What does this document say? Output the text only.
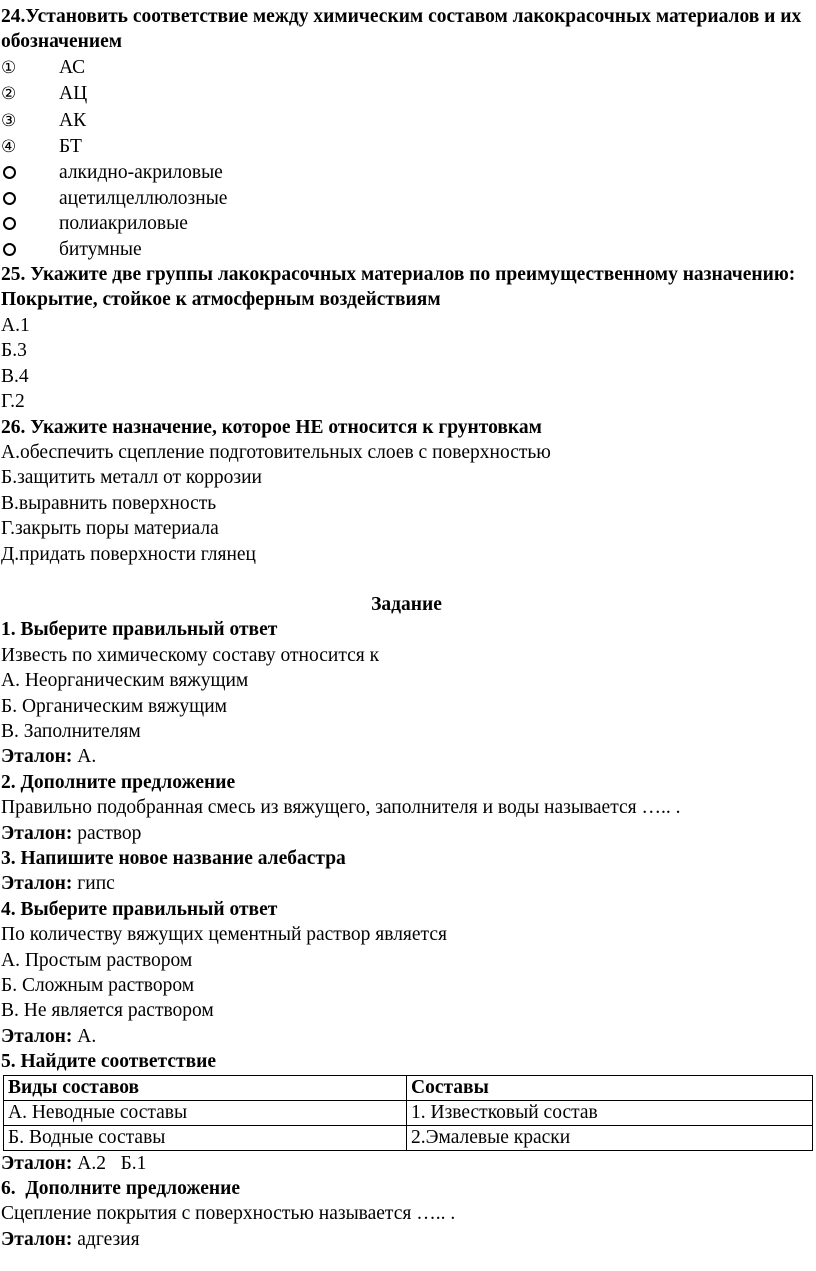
24.Установить соответствие между химическим составом лакокрасочных материалов и их обозначением
①	АС
②	АЦ
③	АК
④	БТ
алкидно-акриловые
ацетилцеллюлозные
полиакриловые
битумные
25. Укажите две группы лакокрасочных материалов по преимущественному назначению:
Покрытие, стойкое к атмосферным воздействиям
А.1
Б.3
В.4
Г.2
26. Укажите назначение, которое НЕ относится к грунтовкам
А.обеспечить сцепление подготовительных слоев с поверхностью
Б.защитить металл от коррозии
В.выравнить поверхность
Г.закрыть поры материала
Д.придать поверхности глянец
Задание
1. Выберите правильный ответ
Известь по химическому составу относится к
А. Неорганическим вяжущим
Б. Органическим вяжущим
В. Заполнителям
Эталон: А.
2. Дополните предложение
Правильно подобранная смесь из вяжущего, заполнителя и воды называется ….. .
Эталон: раствор
3. Напишите новое название алебастра
Эталон: гипс
4. Выберите правильный ответ
По количеству вяжущих цементный раствор является
А. Простым раствором
Б. Сложным раствором
В. Не является раствором
Эталон: А.
5. Найдите соответствие
Виды составов	Составы
А. Неводные составы	1. Известковый состав
Б. Водные составы	2.Эмалевые краски
Эталон: А.2   Б.1
6.  Дополните предложение
Сцепление покрытия с поверхностью называется ….. .
Эталон: адгезия
